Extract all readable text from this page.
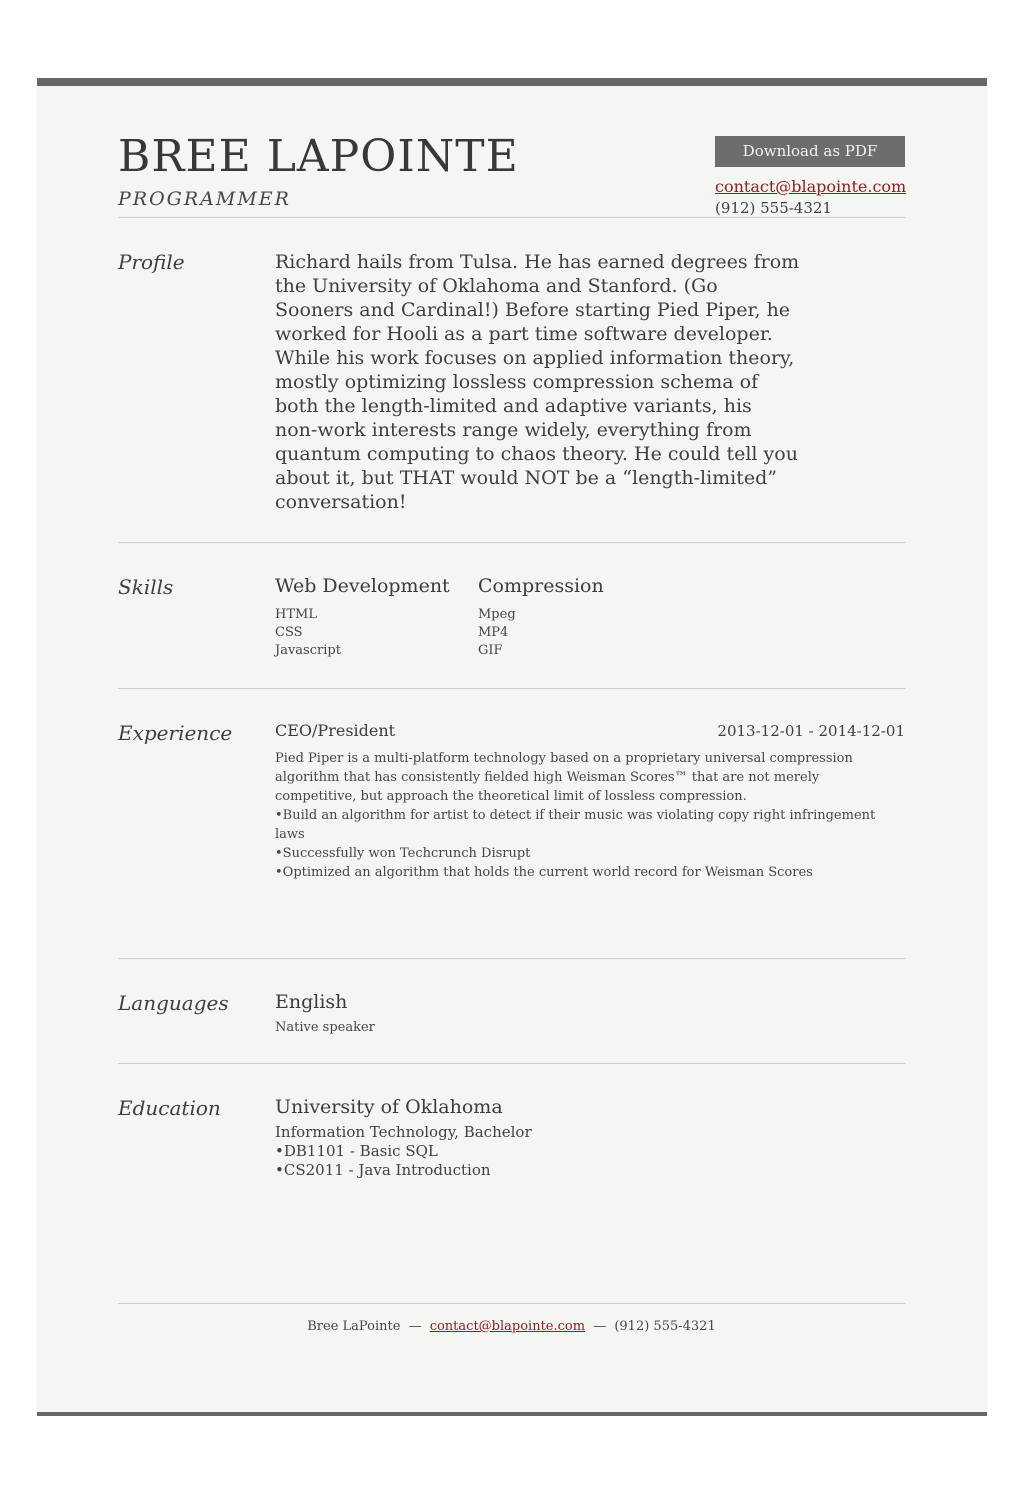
BREE LAPOINTE
PROGRAMMER
Download as PDF
contact@blapointe.com
(912) 555-4321
Profile	Richard hails from Tulsa. He has earned degrees from the University of Oklahoma and Stanford. (Go Sooners and Cardinal!) Before starting Pied Piper, he worked for Hooli as a part time software developer. While his work focuses on applied information theory, mostly optimizing lossless compression schema of both the length-limited and adaptive variants, his non-work interests range widely, everything from quantum computing to chaos theory. He could tell you about it, but THAT would NOT be a “length-limited” conversation!
Skills	Web Development
HTML
CSS
Javascript
Compression
Mpeg
MP4
GIF
Experience	CEO/President	2013-12-01 - 2014-12-01
Pied Piper is a multi-platform technology based on a proprietary universal compression algorithm that has consistently fielded high Weisman Scores™ that are not merely competitive, but approach the theoretical limit of lossless compression.
• Build an algorithm for artist to detect if their music was violating copy right infringement laws
• Successfully won Techcrunch Disrupt
• Optimized an algorithm that holds the current world record for Weisman Scores
Languages	English
Native speaker
Education	University of Oklahoma
Information Technology, Bachelor
• DB1101 - Basic SQL
• CS2011 - Java Introduction
Bree LaPointe — contact@blapointe.com — (912) 555-4321
